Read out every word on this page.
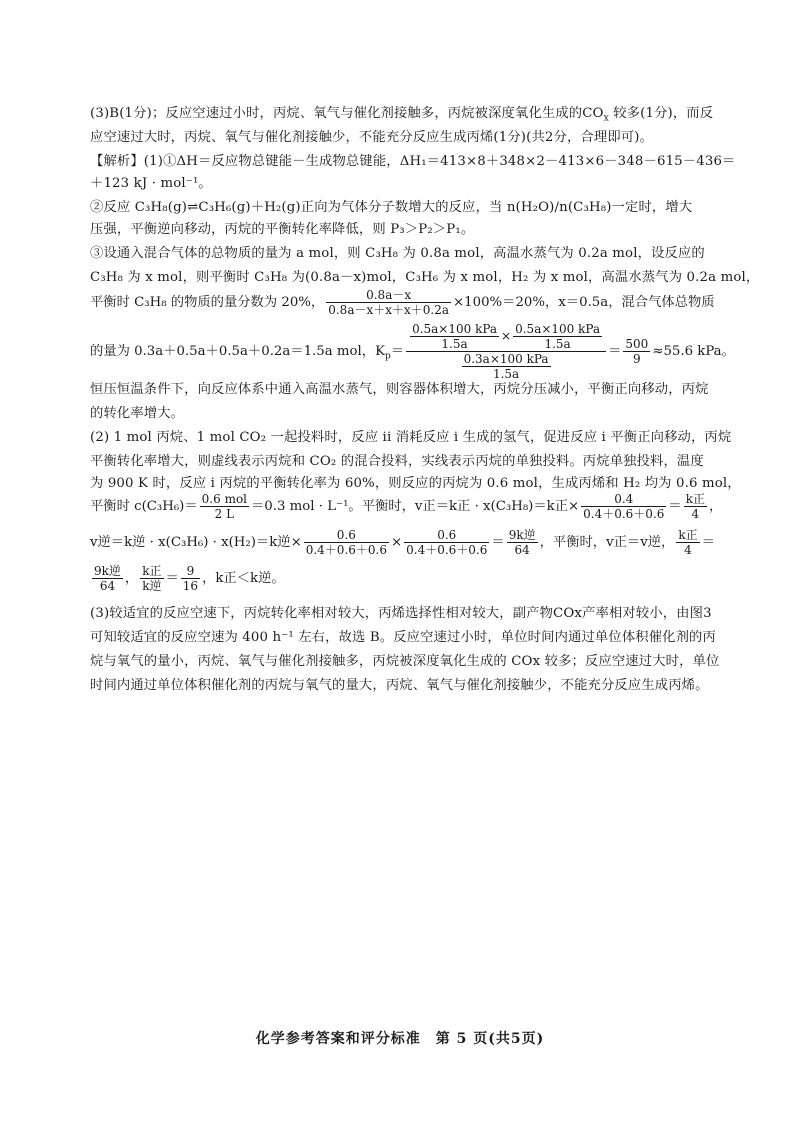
(3)B(1分)；反应空速过小时，丙烷、氧气与催化剂接触多，丙烷被深度氧化生成的$CO_x$ 较多(1分)，而反
应空速过大时，丙烷、氧气与催化剂接触少，不能充分反应生成丙烯(1分)(共2分，合理即可)。
【解析】(1)①ΔH＝反应物总键能－生成物总键能，ΔH₁＝413×8＋348×2－413×6－348－615－436＝
＋123 kJ · mol⁻¹。
②反应 C₃H₈(g)⇌C₃H₆(g)＋H₂(g)正向为气体分子数增大的反应，当 n(H₂O)/n(C₃H₈)一定时，增大
压强，平衡逆向移动，丙烷的平衡转化率降低，则 P₃＞P₂＞P₁。
③设通入混合气体的总物质的量为 a mol，则 C₃H₈ 为 0.8a mol，高温水蒸气为 0.2a mol，设反应的
C₃H₈ 为 x mol，则平衡时 C₃H₈ 为(0.8a－x)mol，C₃H₆ 为 x mol，H₂ 为 x mol，高温水蒸气为 0.2a mol，
平衡时 C₃H₈ 的物质的量分数为 20%， $\frac{0.8a-x}{0.8a-x+x+x+0.2a} \times 100\%=20\%$，x＝0.5a，混合气体总物质
的量为 0.3a＋0.5a＋0.5a＋0.2a＝1.5a mol，$K_p= \frac{\frac{\text{0.5a×100 kPa}}{1.5a} \times \frac{\text{0.5a×100 kPa}}{1.5a}}{\frac{\text{0.3a×100 kPa}}{1.5a}} = \frac{500}{9} \approx 55.6$ kPa。
恒压恒温条件下，向反应体系中通入高温水蒸气，则容器体积增大，丙烷分压减小，平衡正向移动，丙烷
的转化率增大。
(2) 1 mol 丙烷、1 mol CO₂ 一起投料时，反应 ii 消耗反应 i 生成的氢气，促进反应 i 平衡正向移动，丙烷
平衡转化率增大，则虚线表示丙烷和 CO₂ 的混合投料，实线表示丙烷的单独投料。丙烷单独投料，温度
为 900 K 时，反应 i 丙烷的平衡转化率为 60%，则反应的丙烷为 0.6 mol，生成丙烯和 H₂ 均为 0.6 mol，
平衡时 $c(C_3H_6)= \frac{\text{0.6 mol}}{2 L} =0.3$ mol · L⁻¹。平衡时，v正＝k正 · x(C₃H₈)＝k正× $\frac{0.4}{0.4+0.6+0.6} = \frac{\text{k正}}{4}$ ，
v逆＝k逆 · x(C₃H₆) · x(H₂)＝k逆× $\frac{0.6}{0.4+0.6+0.6} \times \frac{0.6}{0.4+0.6+0.6} = \frac{\text{9k逆}}{64}$ ，平衡时，v正＝v逆， $\frac{\text{k正}}{4}$ ＝
$\frac{\text{9k逆}}{64}$ ， $\frac{\text{k正}}{\text{k逆}} = \frac{9}{16}$ ，k正＜k逆。
(3)较适宜的反应空速下，丙烷转化率相对较大，丙烯选择性相对较大，副产物COx产率相对较小，由图3
可知较适宜的反应空速为 400 h⁻¹ 左右，故选 B。反应空速过小时，单位时间内通过单位体积催化剂的丙
烷与氧气的量小，丙烷、氧气与催化剂接触多，丙烷被深度氧化生成的 COx 较多；反应空速过大时，单位
时间内通过单位体积催化剂的丙烷与氧气的量大，丙烷、氧气与催化剂接触少，不能充分反应生成丙烯。
化学参考答案和评分标准　第 5 页(共5页)
